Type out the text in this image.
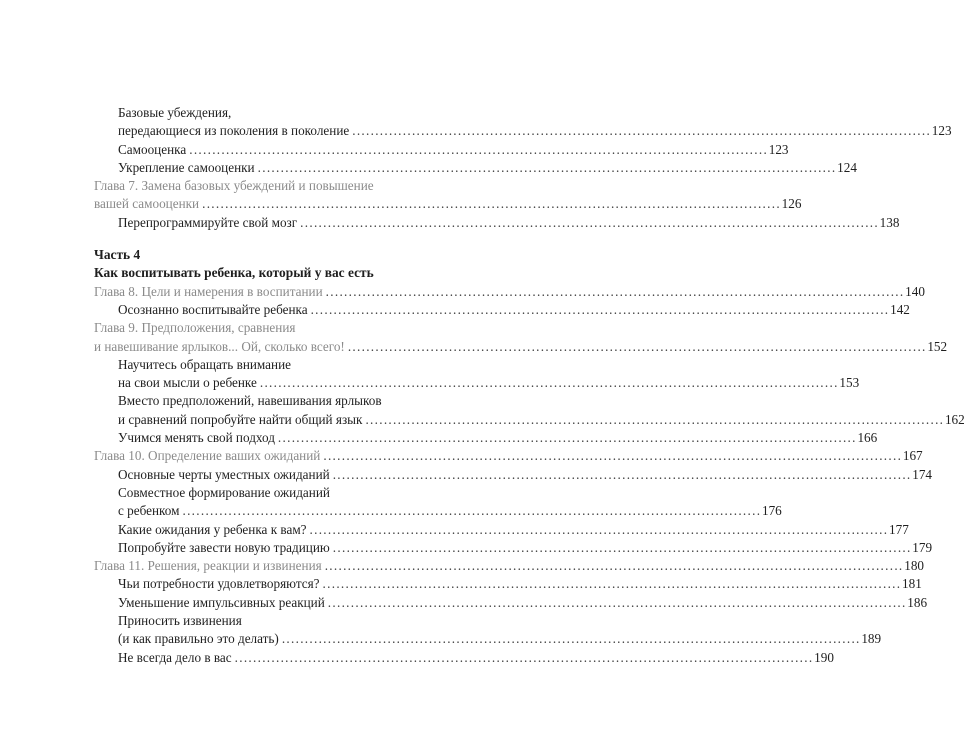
Базовые убеждения,
передающиеся из поколения в поколение . . .	123
Самооценка . . .	123
Укрепление самооценки . . .	124
Глава 7. Замена базовых убеждений и повышение
вашей самооценки . . .	126
Перепрограммируйте свой мозг . . .	138
Часть 4
Как воспитывать ребенка, который у вас есть
Глава 8. Цели и намерения в воспитании . . .	140
Осознанно воспитывайте ребенка . . .	142
Глава 9. Предположения, сравнения
и навешивание ярлыков... Ой, сколько всего! . . .	152
Научитесь обращать внимание
на свои мысли о ребенке . . .	153
Вместо предположений, навешивания ярлыков
и сравнений попробуйте найти общий язык . . .	162
Учимся менять свой подход . . .	166
Глава 10. Определение ваших ожиданий . . .	167
Основные черты уместных ожиданий . . .	174
Совместное формирование ожиданий
с ребенком . . .	176
Какие ожидания у ребенка к вам? . . .	177
Попробуйте завести новую традицию . . .	179
Глава 11. Решения, реакции и извинения . . .	180
Чьи потребности удовлетворяются? . . .	181
Уменьшение импульсивных реакций . . .	186
Приносить извинения
(и как правильно это делать) . . .	189
Не всегда дело в вас . . .	190
